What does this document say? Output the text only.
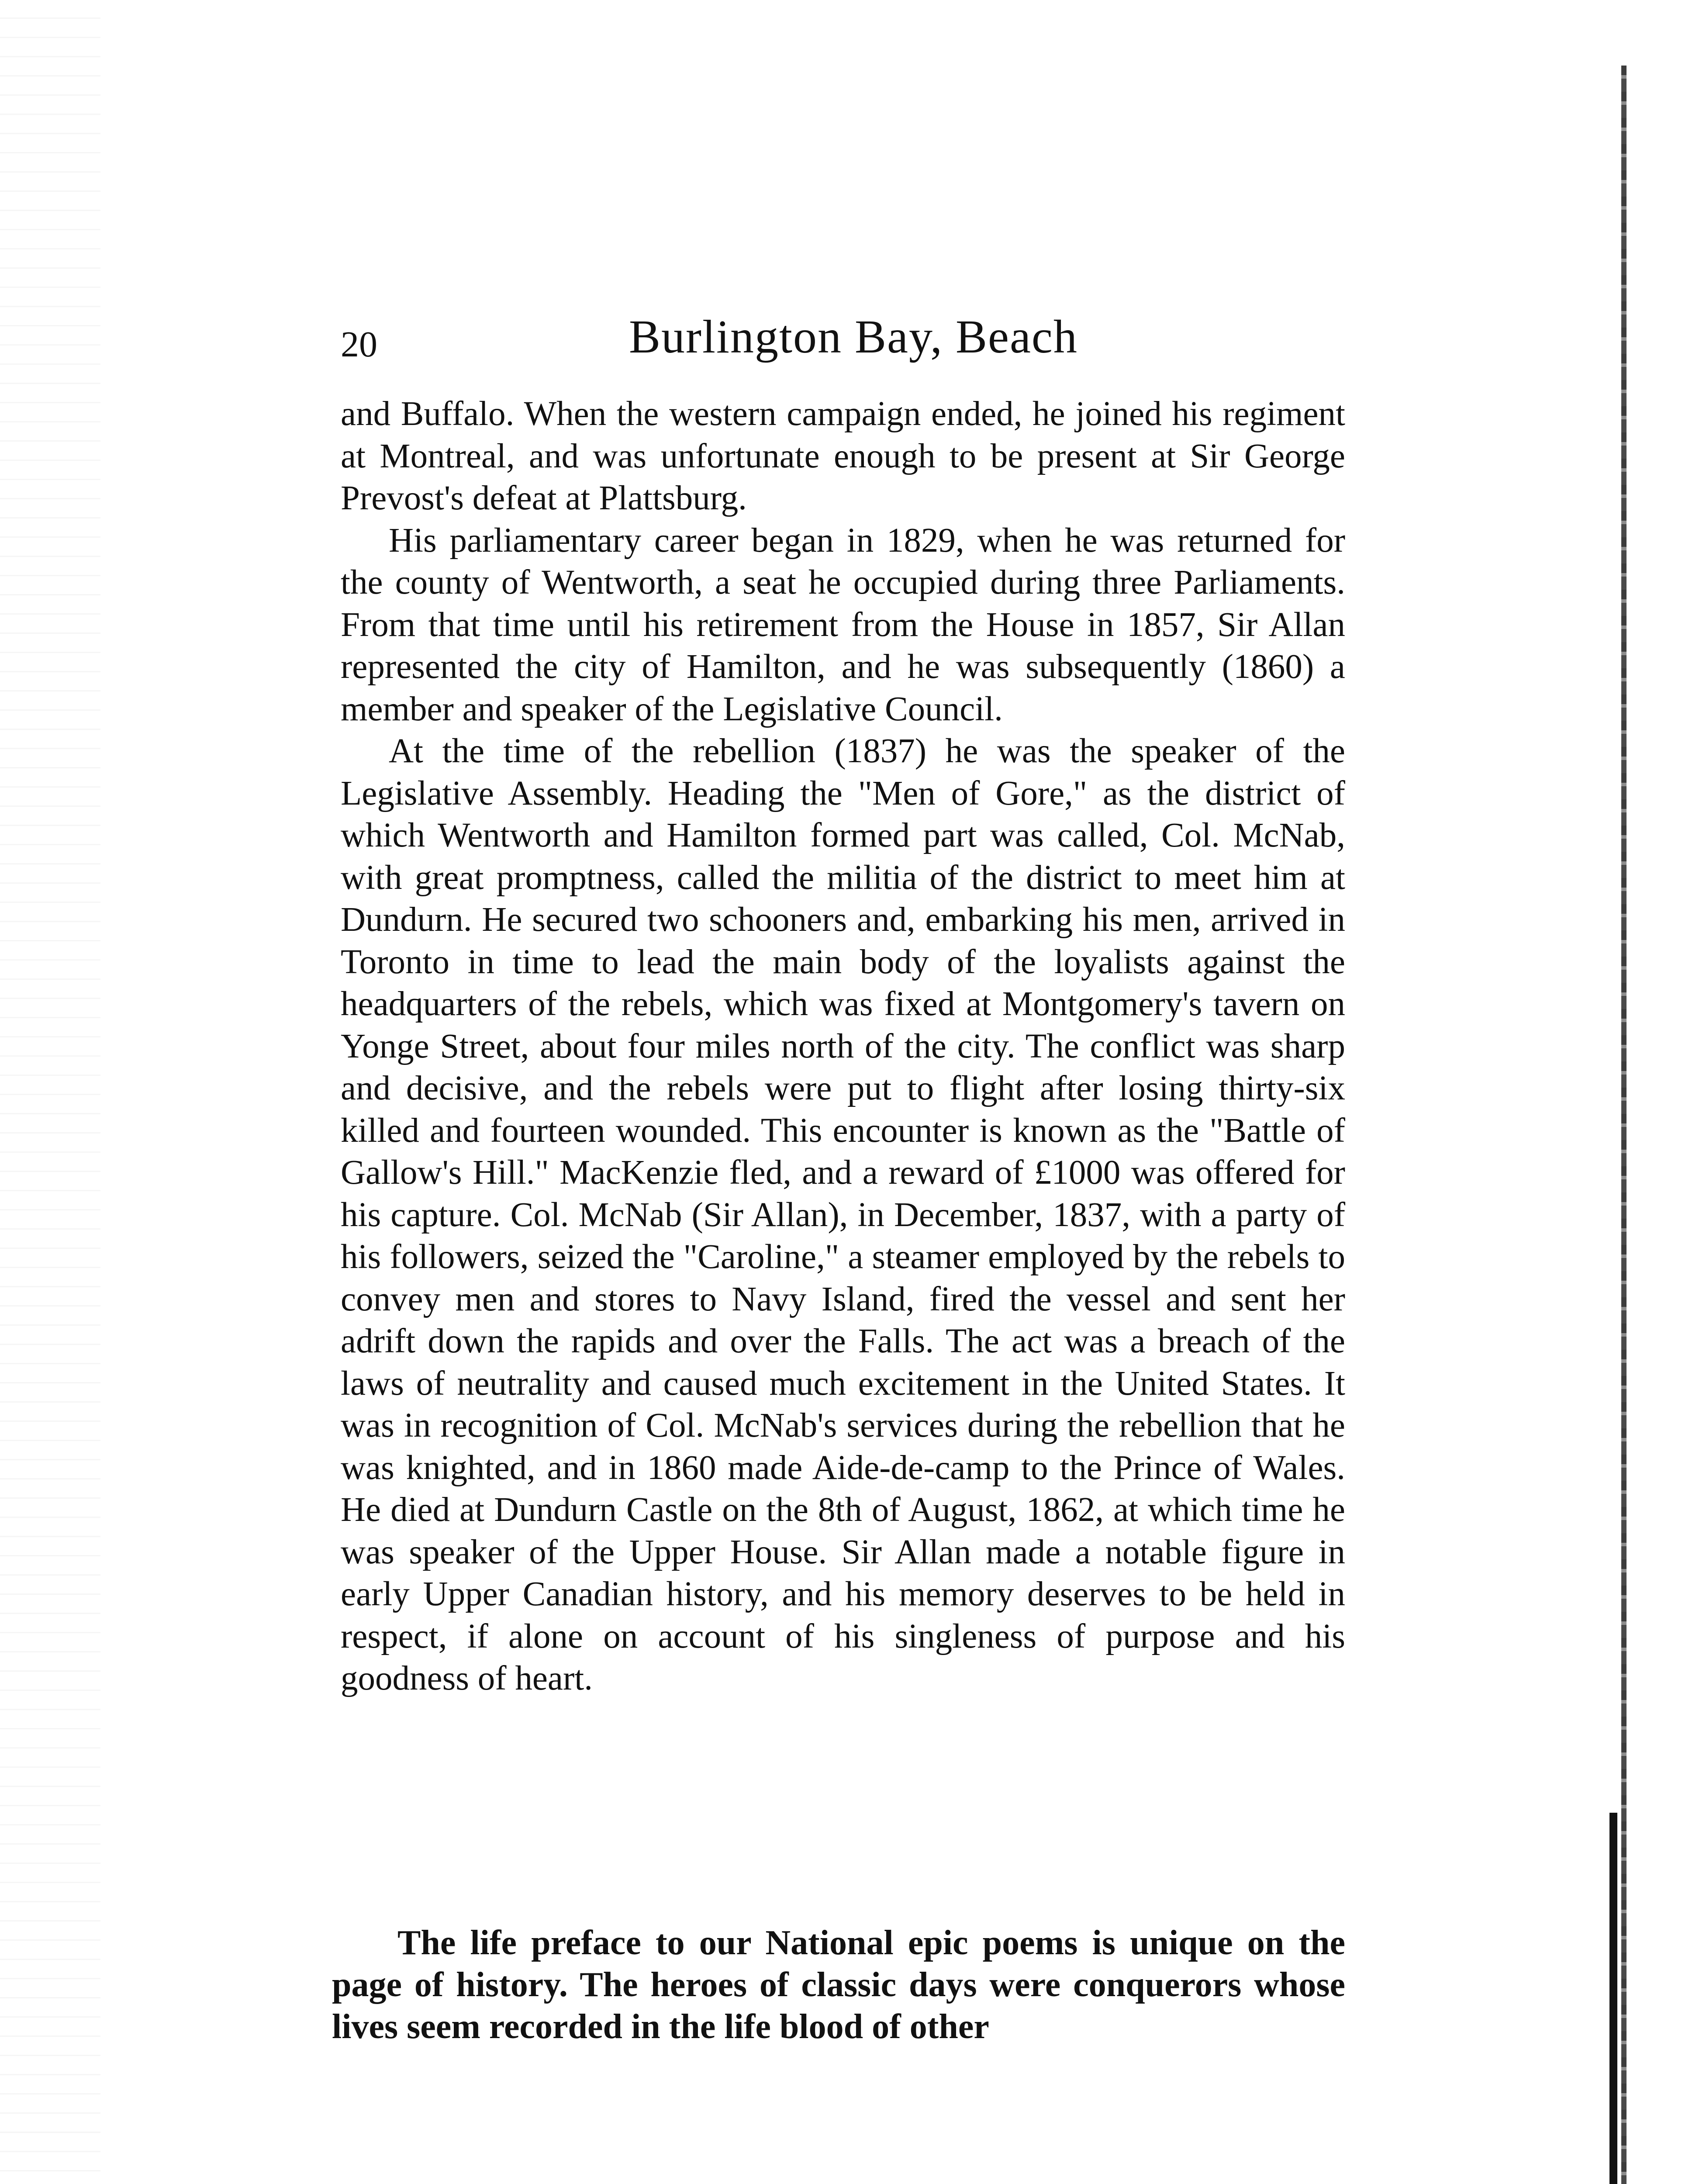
20	Burlington Bay, Beach

and Buffalo. When the western campaign ended, he joined his regiment at Montreal, and was unfortunate enough to be present at Sir George Prevost's defeat at Plattsburg.

His parliamentary career began in 1829, when he was returned for the county of Wentworth, a seat he occupied during three Parliaments. From that time until his retirement from the House in 1857, Sir Allan represented the city of Hamilton, and he was subsequently (1860) a member and speaker of the Legislative Council.

At the time of the rebellion (1837) he was the speaker of the Legislative Assembly. Heading the "Men of Gore," as the district of which Wentworth and Hamilton formed part was called, Col. McNab, with great promptness, called the militia of the district to meet him at Dundurn. He secured two schooners and, embarking his men, arrived in Toronto in time to lead the main body of the loyalists against the headquarters of the rebels, which was fixed at Montgomery's tavern on Yonge Street, about four miles north of the city. The conflict was sharp and decisive, and the rebels were put to flight after losing thirty-six killed and fourteen wounded. This encounter is known as the "Battle of Gallow's Hill." MacKenzie fled, and a reward of £1000 was offered for his capture. Col. McNab (Sir Allan), in December, 1837, with a party of his followers, seized the "Caroline," a steamer employed by the rebels to convey men and stores to Navy Island, fired the vessel and sent her adrift down the rapids and over the Falls. The act was a breach of the laws of neutrality and caused much excitement in the United States. It was in recognition of Col. McNab's services during the rebellion that he was knighted, and in 1860 made Aide-de-camp to the Prince of Wales. He died at Dundurn Castle on the 8th of August, 1862, at which time he was speaker of the Upper House. Sir Allan made a notable figure in early Upper Canadian history, and his memory deserves to be held in respect, if alone on account of his singleness of purpose and his goodness of heart.

The life preface to our National epic poems is unique on the page of history. The heroes of classic days were conquerors whose lives seem recorded in the life blood of other
